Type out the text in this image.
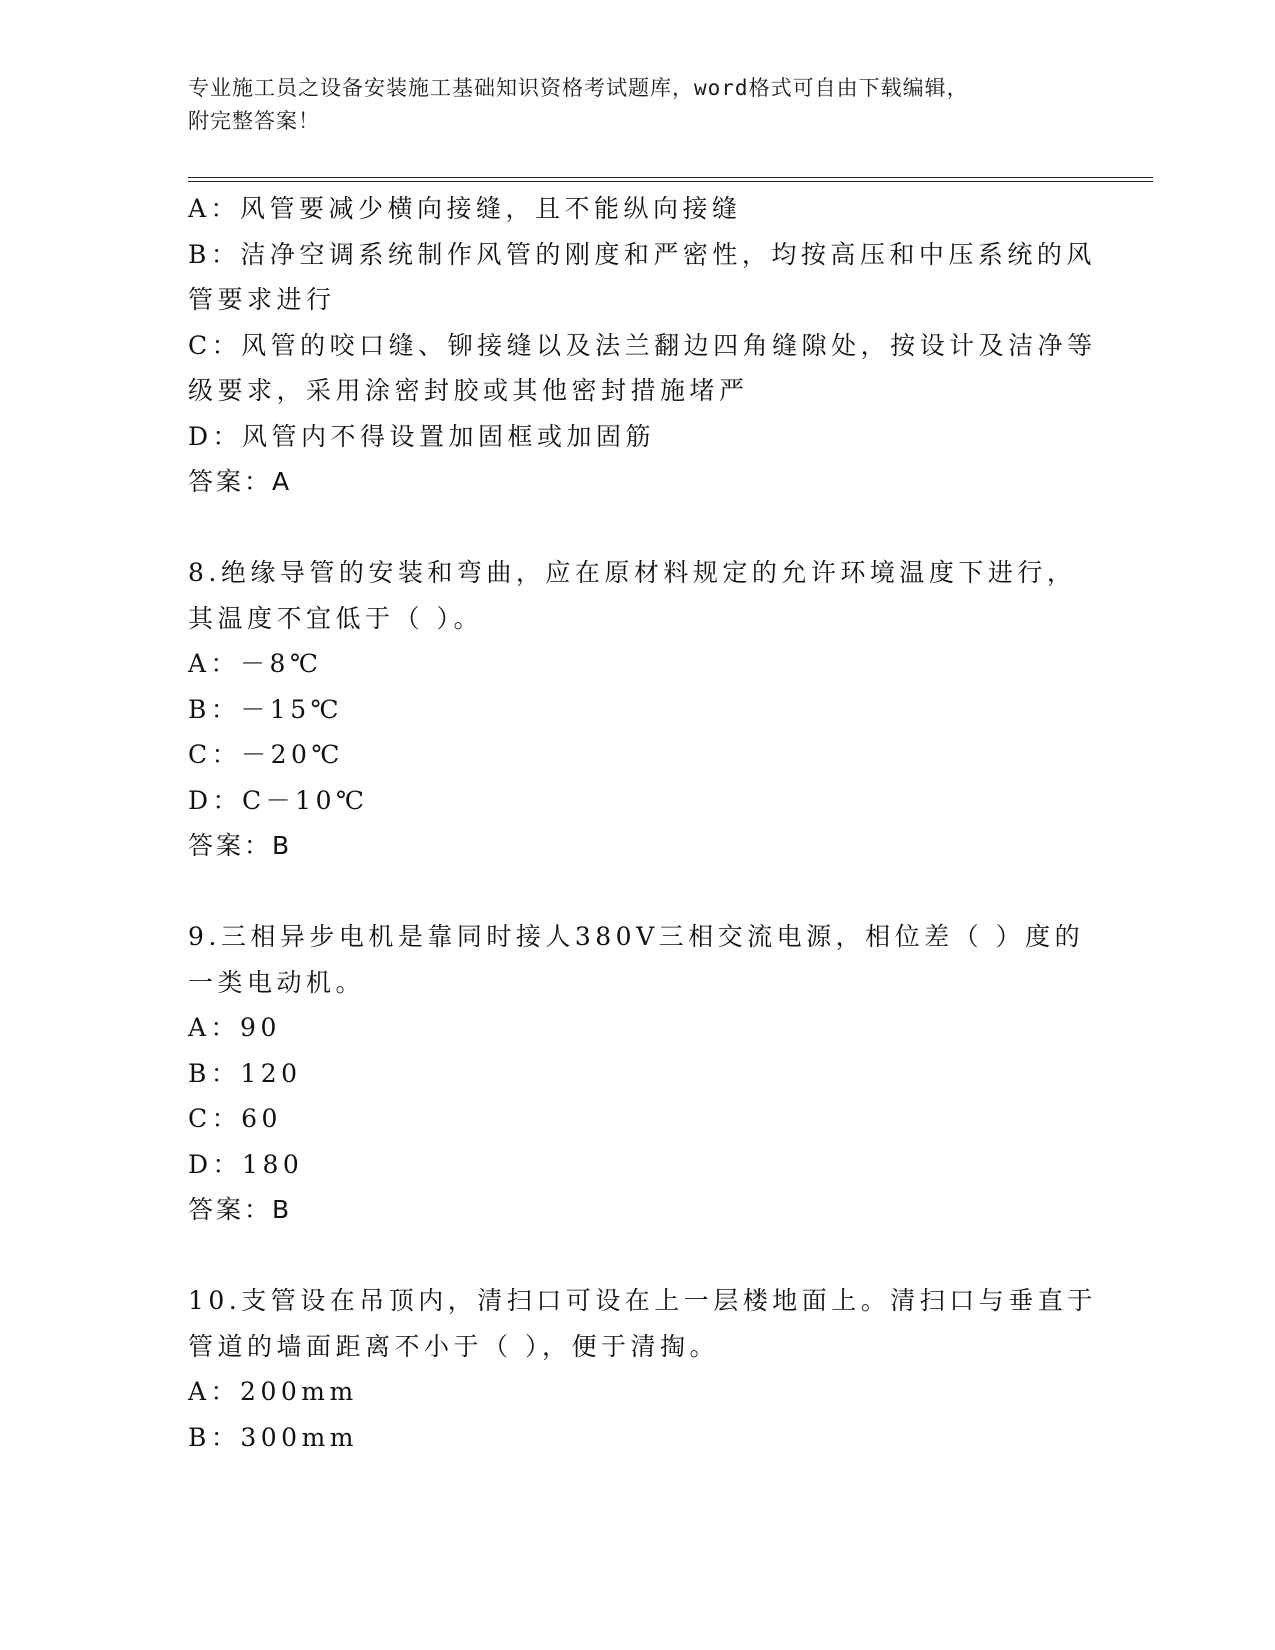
专业施工员之设备安装施工基础知识资格考试题库，word格式可自由下载编辑，
附完整答案！
A：风管要减少横向接缝，且不能纵向接缝
B：洁净空调系统制作风管的刚度和严密性，均按高压和中压系统的风
管要求进行
C：风管的咬口缝、铆接缝以及法兰翻边四角缝隙处，按设计及洁净等
级要求，采用涂密封胶或其他密封措施堵严
D：风管内不得设置加固框或加固筋
答案：A
8.绝缘导管的安装和弯曲，应在原材料规定的允许环境温度下进行，
其温度不宜低于（ ）。
A：－8℃
B：－15℃
C：－20℃
D：C－10℃
答案：B
9.三相异步电机是靠同时接人380V三相交流电源，相位差（ ）度的
一类电动机。
A：90
B：120
C：60
D：180
答案：B
10.支管设在吊顶内，清扫口可设在上一层楼地面上。清扫口与垂直于
管道的墙面距离不小于（ ），便于清掏。
A：200mm
B：300mm
